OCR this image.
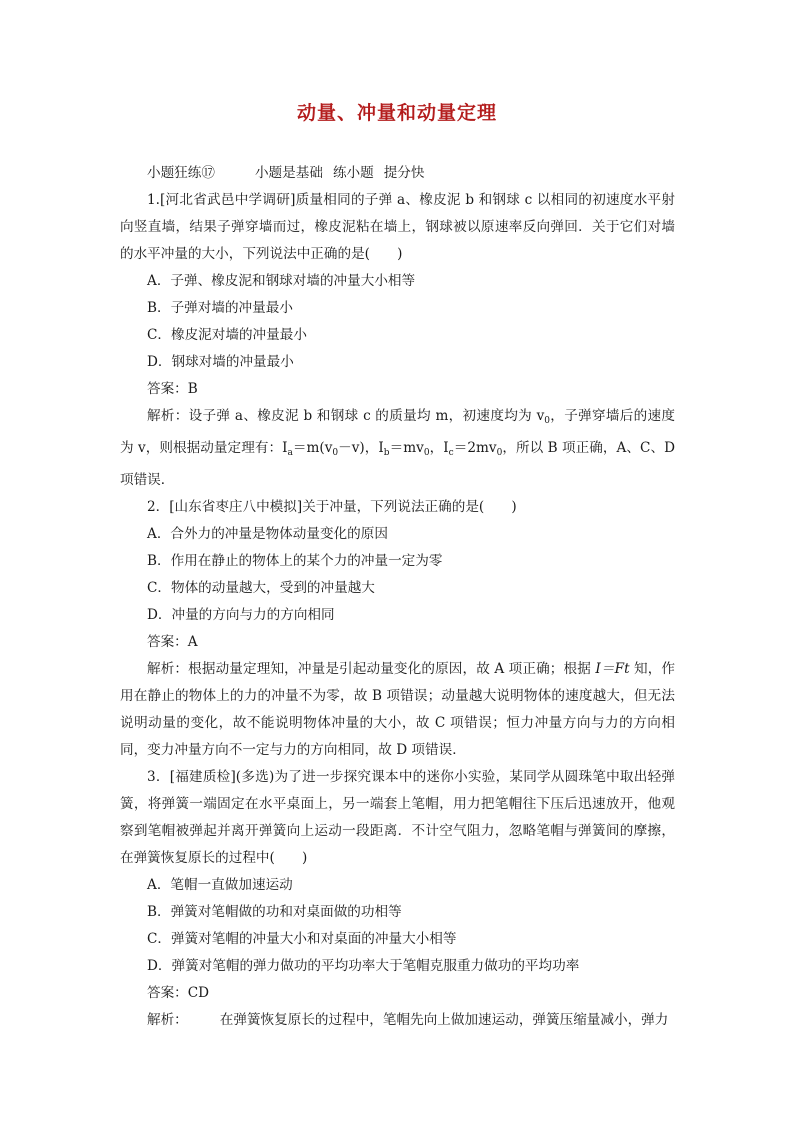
动量、冲量和动量定理

小题狂练⑰	小题是基础 练小题 提分快

1.[河北省武邑中学调研]质量相同的子弹 a、橡皮泥 b 和钢球 c 以相同的初速度水平射向竖直墙，结果子弹穿墙而过，橡皮泥粘在墙上，钢球被以原速率反向弹回．关于它们对墙的水平冲量的大小，下列说法中正确的是(　　)

A．子弹、橡皮泥和钢球对墙的冲量大小相等

B．子弹对墙的冲量最小

C．橡皮泥对墙的冲量最小

D．钢球对墙的冲量最小

答案：B

解析：设子弹 a、橡皮泥 b 和钢球 c 的质量均 m，初速度均为 $v_0$，子弹穿墙后的速度为 v，则根据动量定理有：$I_a=m(v_0-v)$，$I_b=mv_0$，$I_c=2mv_0$，所以 B 项正确，A、C、D 项错误．

2．[山东省枣庄八中模拟]关于冲量，下列说法正确的是(　　)

A．合外力的冲量是物体动量变化的原因

B．作用在静止的物体上的某个力的冲量一定为零

C．物体的动量越大，受到的冲量越大

D．冲量的方向与力的方向相同

答案：A

解析：根据动量定理知，冲量是引起动量变化的原因，故 A 项正确；根据 I＝Ft 知，作用在静止的物体上的力的冲量不为零，故 B 项错误；动量越大说明物体的速度越大，但无法说明动量的变化，故不能说明物体冲量的大小，故 C 项错误；恒力冲量方向与力的方向相同，变力冲量方向不一定与力的方向相同，故 D 项错误．

3．[福建质检](多选)为了进一步探究课本中的迷你小实验，某同学从圆珠笔中取出轻弹簧，将弹簧一端固定在水平桌面上，另一端套上笔帽，用力把笔帽往下压后迅速放开，他观察到笔帽被弹起并离开弹簧向上运动一段距离．不计空气阻力，忽略笔帽与弹簧间的摩擦，在弹簧恢复原长的过程中(　　)

A．笔帽一直做加速运动

B．弹簧对笔帽做的功和对桌面做的功相等

C．弹簧对笔帽的冲量大小和对桌面的冲量大小相等

D．弹簧对笔帽的弹力做功的平均功率大于笔帽克服重力做功的平均功率

答案：CD

解析： 在弹簧恢复原长的过程中，笔帽先向上做加速运动，弹簧压缩量减小，弹力
